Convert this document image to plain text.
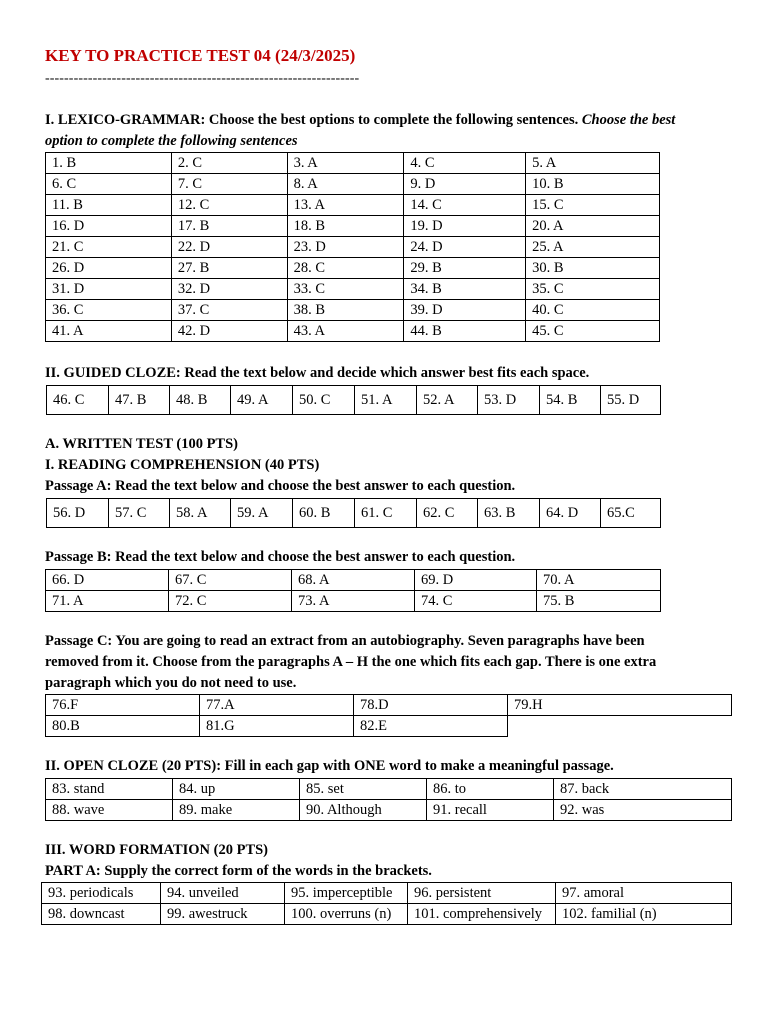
KEY TO PRACTICE TEST 04 (24/3/2025)
------------------------------------------------------------------
I. LEXICO-GRAMMAR: Choose the best options to complete the following sentences. Choose the best
option to complete the following sentences
1. B	2. C	3. A	4. C	5. A
6. C	7. C	8. A	9. D	10. B
11. B	12. C	13. A	14. C	15. C
16. D	17. B	18. B	19. D	20. A
21. C	22. D	23. D	24. D	25. A
26. D	27. B	28. C	29. B	30. B
31. D	32. D	33. C	34. B	35. C
36. C	37. C	38. B	39. D	40. C
41. A	42. D	43. A	44. B	45. C
II. GUIDED CLOZE: Read the text below and decide which answer best fits each space.
46. C	47. B	48. B	49. A	50. C	51. A	52. A	53. D	54. B	55. D
A. WRITTEN TEST (100 PTS)
I. READING COMPREHENSION (40 PTS)
Passage A: Read the text below and choose the best answer to each question.
56. D	57. C	58. A	59. A	60. B	61. C	62. C	63. B	64. D	65.C
Passage B: Read the text below and choose the best answer to each question.
66. D	67. C	68. A	69. D	70. A
71. A	72. C	73. A	74. C	75. B
Passage C: You are going to read an extract from an autobiography. Seven paragraphs have been
removed from it. Choose from the paragraphs A – H the one which fits each gap. There is one extra
paragraph which you do not need to use.
76.F	77.A	78.D	79.H
80.B	81.G	82.E	
II. OPEN CLOZE (20 PTS): Fill in each gap with ONE word to make a meaningful passage.
83. stand	84. up	85. set	86. to	87. back
88. wave	89. make	90. Although	91. recall	92. was
III. WORD FORMATION (20 PTS)
PART A: Supply the correct form of the words in the brackets.
93. periodicals	94. unveiled	95. imperceptible	96. persistent	97. amoral
98. downcast	99. awestruck	100. overruns (n)	101. comprehensively	102. familial (n)
